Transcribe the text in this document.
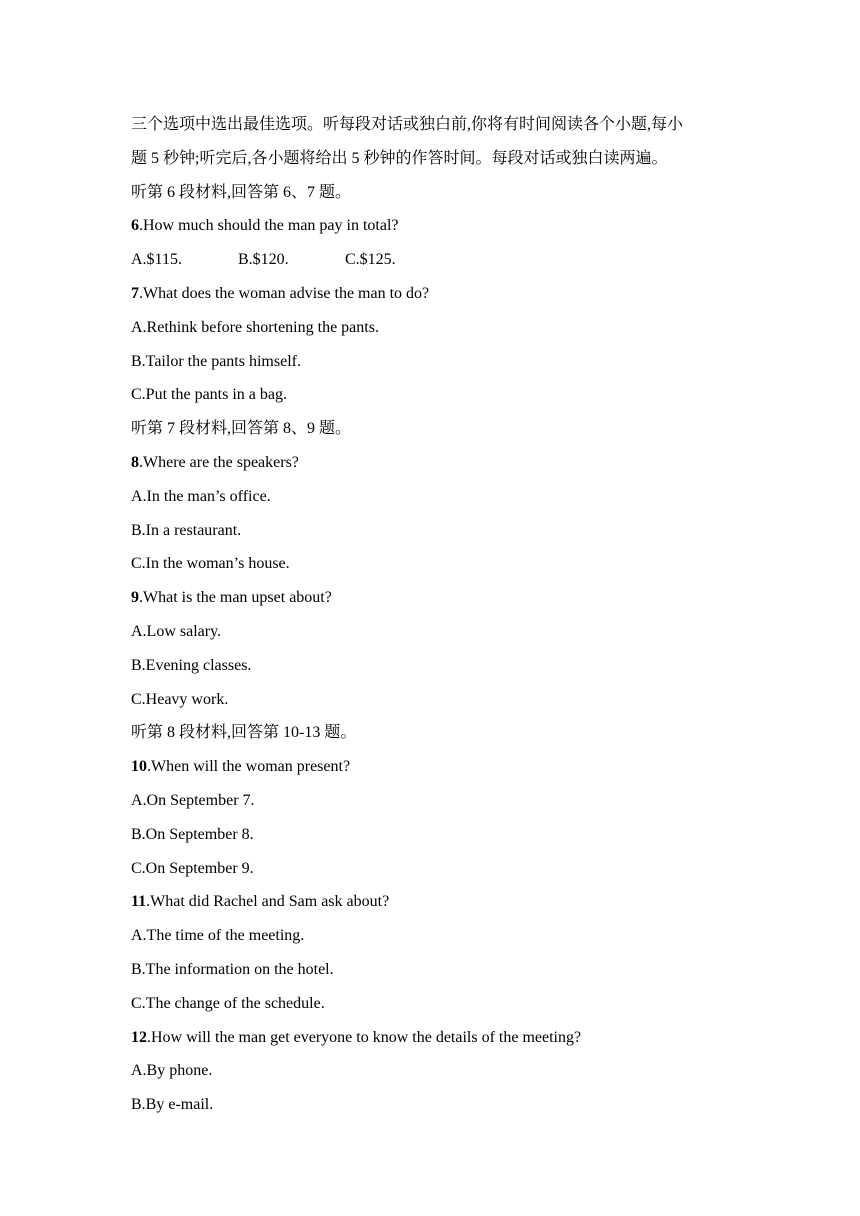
三个选项中选出最佳选项。听每段对话或独白前,你将有时间阅读各个小题,每小
题 5 秒钟;听完后,各小题将给出 5 秒钟的作答时间。每段对话或独白读两遍。
听第 6 段材料,回答第 6、7 题。
6.How much should the man pay in total?
A.$115.	B.$120.	C.$125.
7.What does the woman advise the man to do?
A.Rethink before shortening the pants.
B.Tailor the pants himself.
C.Put the pants in a bag.
听第 7 段材料,回答第 8、9 题。
8.Where are the speakers?
A.In the man’s office.
B.In a restaurant.
C.In the woman’s house.
9.What is the man upset about?
A.Low salary.
B.Evening classes.
C.Heavy work.
听第 8 段材料,回答第 10-13 题。
10.When will the woman present?
A.On September 7.
B.On September 8.
C.On September 9.
11.What did Rachel and Sam ask about?
A.The time of the meeting.
B.The information on the hotel.
C.The change of the schedule.
12.How will the man get everyone to know the details of the meeting?
A.By phone.
B.By e-mail.
